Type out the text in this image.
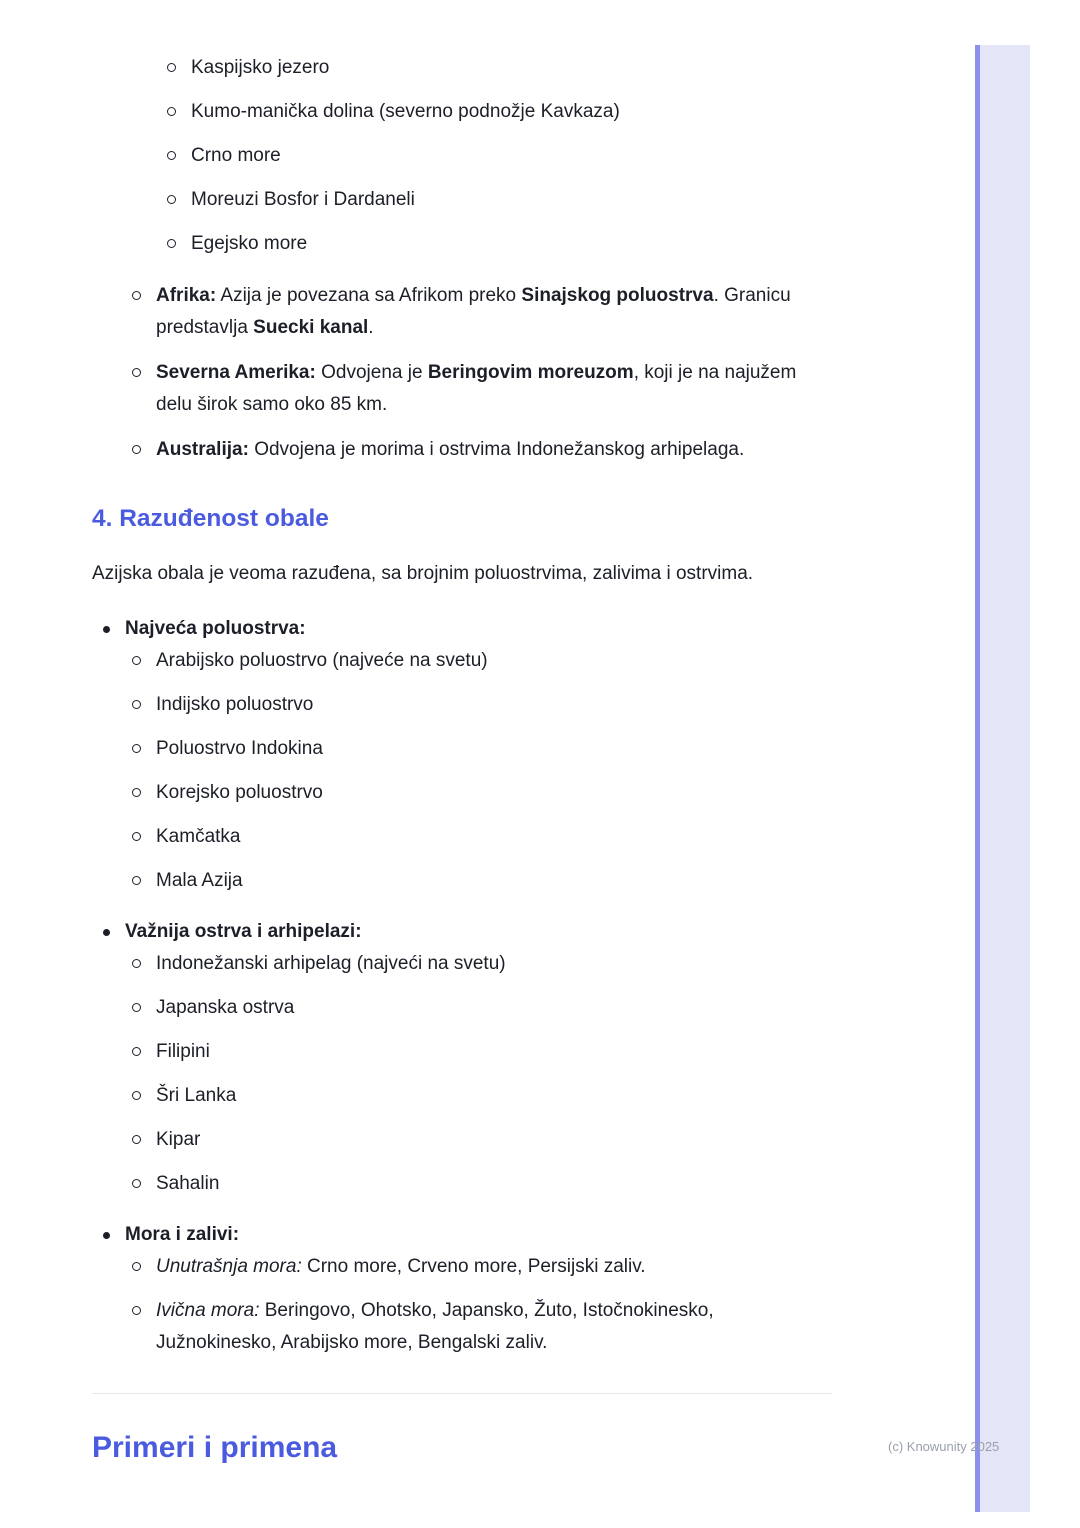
Kaspijsko jezero
Kumo-manička dolina (severno podnožje Kavkaza)
Crno more
Moreuzi Bosfor i Dardaneli
Egejsko more
Afrika: Azija je povezana sa Afrikom preko Sinajskog poluostrva. Granicu predstavlja Suecki kanal.
Severna Amerika: Odvojena je Beringovim moreuzom, koji je na najužem delu širok samo oko 85 km.
Australija: Odvojena je morima i ostrvima Indonežanskog arhipelaga.
4. Razuđenost obale

Azijska obala je veoma razuđena, sa brojnim poluostrvima, zalivima i ostrvima.

Najveća poluostrva:
Arabijsko poluostrvo (najveće na svetu)
Indijsko poluostrvo
Poluostrvo Indokina
Korejsko poluostrvo
Kamčatka
Mala Azija
Važnija ostrva i arhipelazi:
Indonežanski arhipelag (najveći na svetu)
Japanska ostrva
Filipini
Šri Lanka
Kipar
Sahalin
Mora i zalivi:
Unutrašnja mora: Crno more, Crveno more, Persijski zaliv.
Ivična mora: Beringovo, Ohotsko, Japansko, Žuto, Istočnokinesko, Južnokinesko, Arabijsko more, Bengalski zaliv.
Primeri i primena	(c) Knowunity 2025
